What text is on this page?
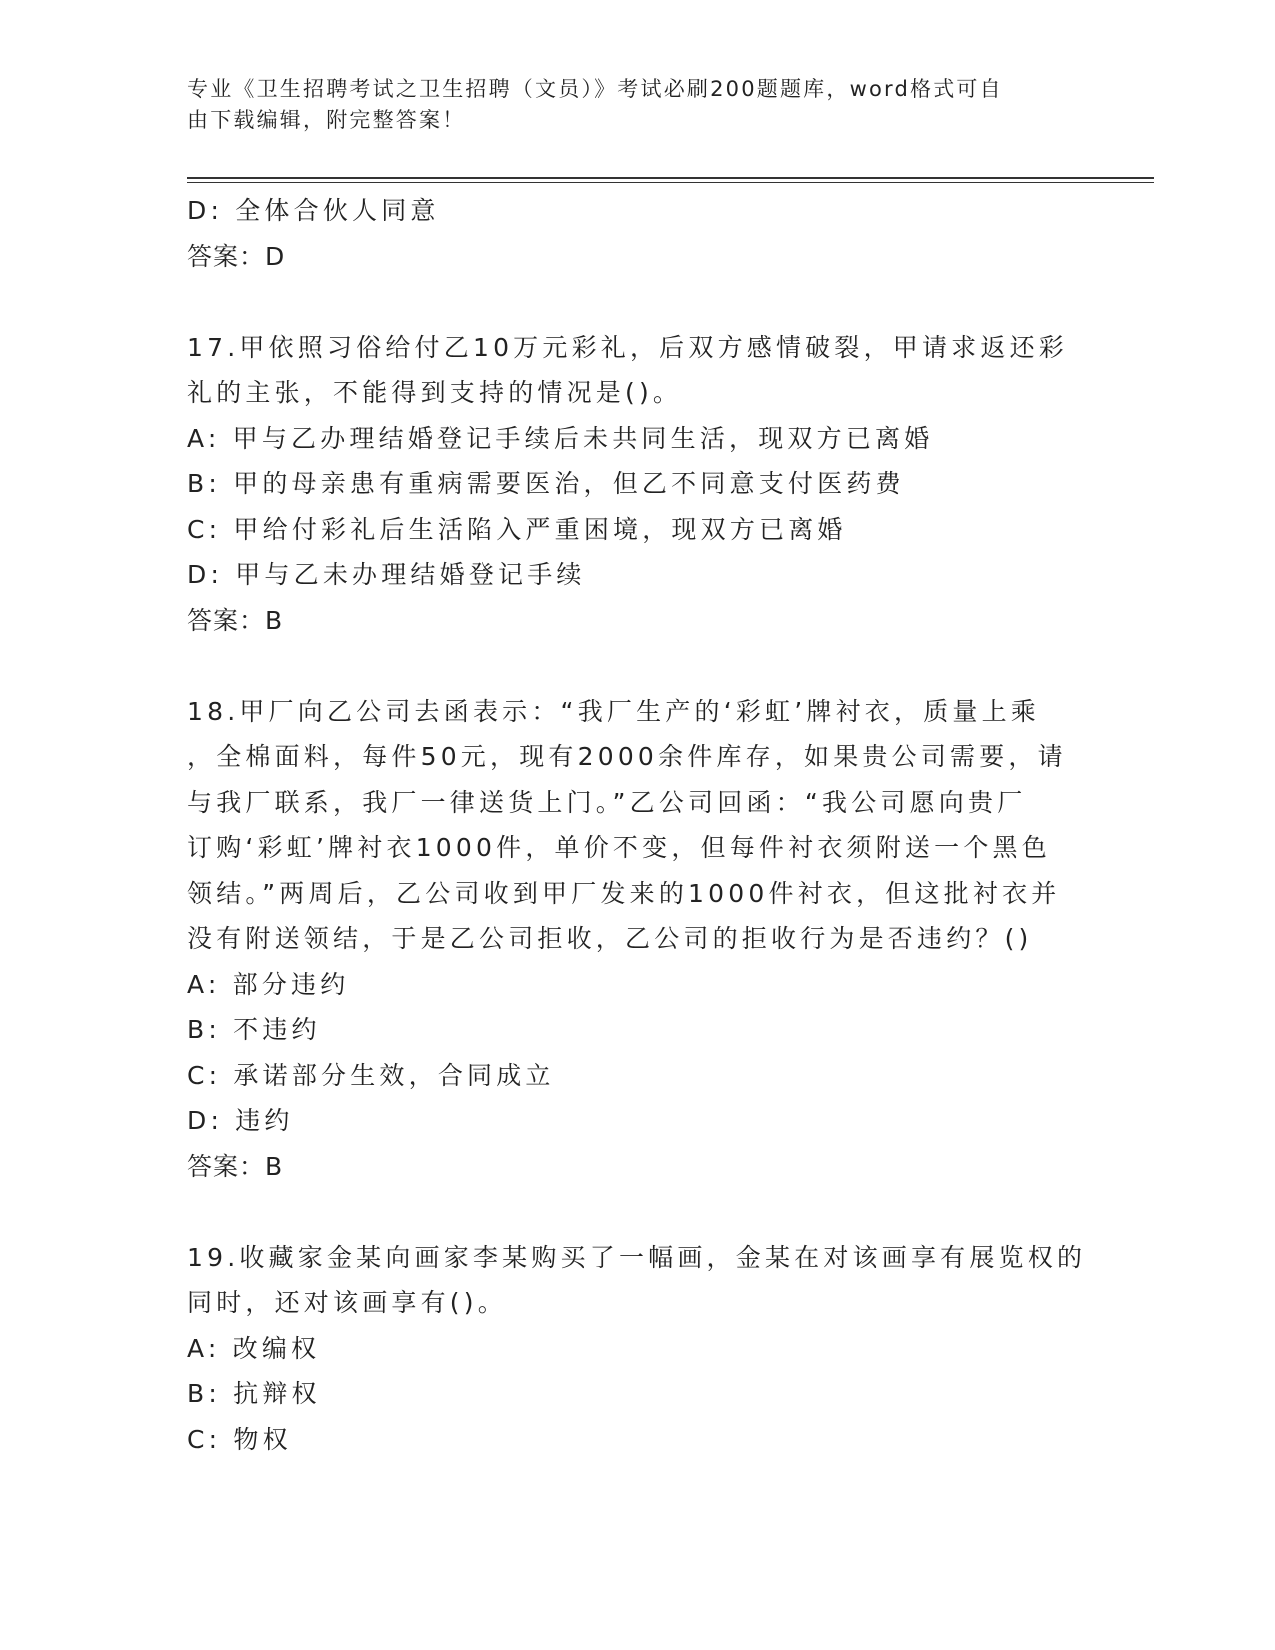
专业《卫生招聘考试之卫生招聘（文员）》考试必刷200题题库，word格式可自
由下载编辑，附完整答案！
D: 全体合伙人同意
答案：D
17.甲依照习俗给付乙10万元彩礼，后双方感情破裂，甲请求返还彩
礼的主张，不能得到支持的情况是()。
A: 甲与乙办理结婚登记手续后未共同生活，现双方已离婚
B: 甲的母亲患有重病需要医治，但乙不同意支付医药费
C: 甲给付彩礼后生活陷入严重困境，现双方已离婚
D: 甲与乙未办理结婚登记手续
答案：B
18.甲厂向乙公司去函表示：“我厂生产的‘彩虹’牌衬衣，质量上乘
，全棉面料，每件50元，现有2000余件库存，如果贵公司需要，请
与我厂联系，我厂一律送货上门。”乙公司回函：“我公司愿向贵厂
订购‘彩虹’牌衬衣1000件，单价不变，但每件衬衣须附送一个黑色
领结。”两周后，乙公司收到甲厂发来的1000件衬衣，但这批衬衣并
没有附送领结，于是乙公司拒收，乙公司的拒收行为是否违约？()
A: 部分违约
B: 不违约
C: 承诺部分生效，合同成立
D: 违约
答案：B
19.收藏家金某向画家李某购买了一幅画，金某在对该画享有展览权的
同时，还对该画享有()。
A: 改编权
B: 抗辩权
C: 物权
